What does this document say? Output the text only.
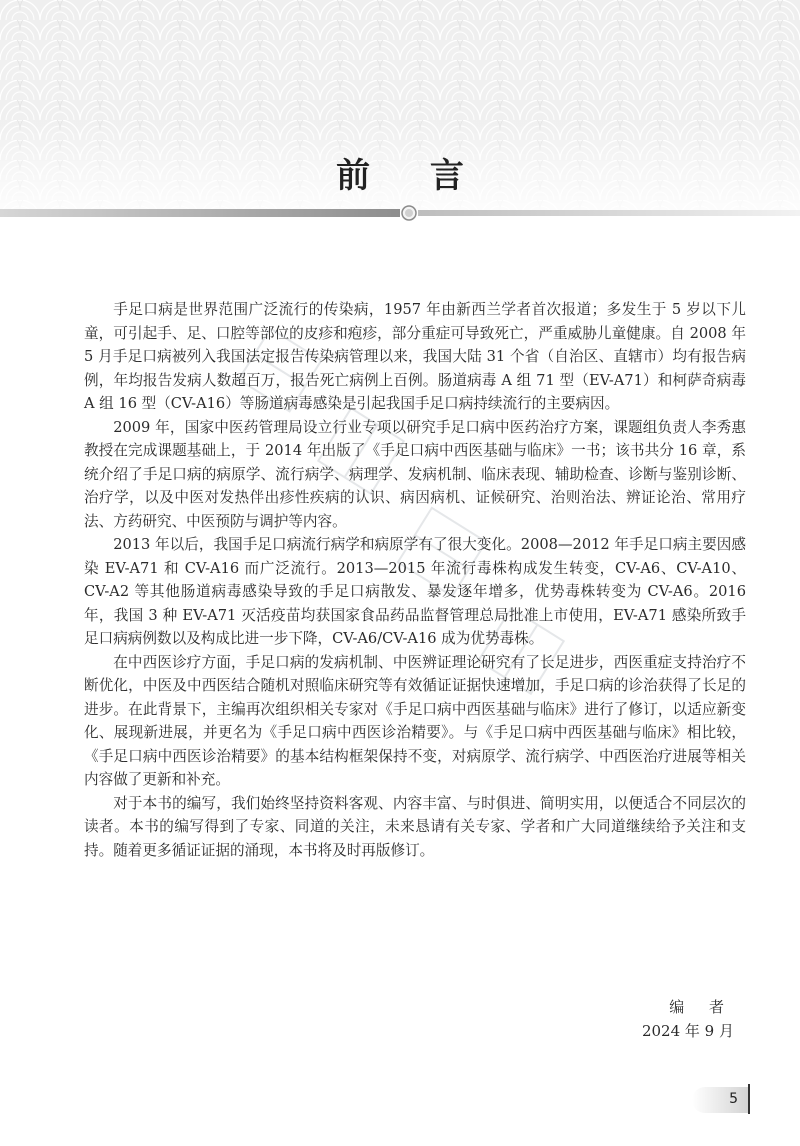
前 言

手足口病是世界范围广泛流行的传染病，1957 年由新西兰学者首次报道；多发生于 5 岁以下儿童，可引起手、足、口腔等部位的皮疹和疱疹，部分重症可导致死亡，严重威胁儿童健康。自 2008 年 5 月手足口病被列入我国法定报告传染病管理以来，我国大陆 31 个省（自治区、直辖市）均有报告病例，年均报告发病人数超百万，报告死亡病例上百例。肠道病毒 A 组 71 型（EV-A71）和柯萨奇病毒 A 组 16 型（CV-A16）等肠道病毒感染是引起我国手足口病持续流行的主要病因。

2009 年，国家中医药管理局设立行业专项以研究手足口病中医药治疗方案，课题组负责人李秀惠教授在完成课题基础上，于 2014 年出版了《手足口病中西医基础与临床》一书；该书共分 16 章，系统介绍了手足口病的病原学、流行病学、病理学、发病机制、临床表现、辅助检查、诊断与鉴别诊断、治疗学，以及中医对发热伴出疹性疾病的认识、病因病机、证候研究、治则治法、辨证论治、常用疗法、方药研究、中医预防与调护等内容。

2013 年以后，我国手足口病流行病学和病原学有了很大变化。2008—2012 年手足口病主要因感染 EV-A71 和 CV-A16 而广泛流行。2013—2015 年流行毒株构成发生转变，CV-A6、CV-A10、CV-A2 等其他肠道病毒感染导致的手足口病散发、暴发逐年增多，优势毒株转变为 CV-A6。2016 年，我国 3 种 EV-A71 灭活疫苗均获国家食品药品监督管理总局批准上市使用，EV-A71 感染所致手足口病病例数以及构成比进一步下降，CV-A6/CV-A16 成为优势毒株。

在中西医诊疗方面，手足口病的发病机制、中医辨证理论研究有了长足进步，西医重症支持治疗不断优化，中医及中西医结合随机对照临床研究等有效循证证据快速增加，手足口病的诊治获得了长足的进步。在此背景下，主编再次组织相关专家对《手足口病中西医基础与临床》进行了修订，以适应新变化、展现新进展，并更名为《手足口病中西医诊治精要》。与《手足口病中西医基础与临床》相比较，《手足口病中西医诊治精要》的基本结构框架保持不变，对病原学、流行病学、中西医治疗进展等相关内容做了更新和补充。

对于本书的编写，我们始终坚持资料客观、内容丰富、与时俱进、简明实用，以便适合不同层次的读者。本书的编写得到了专家、同道的关注，未来恳请有关专家、学者和广大同道继续给予关注和支持。随着更多循证证据的涌现，本书将及时再版修订。

编 者
2024 年 9 月
5
